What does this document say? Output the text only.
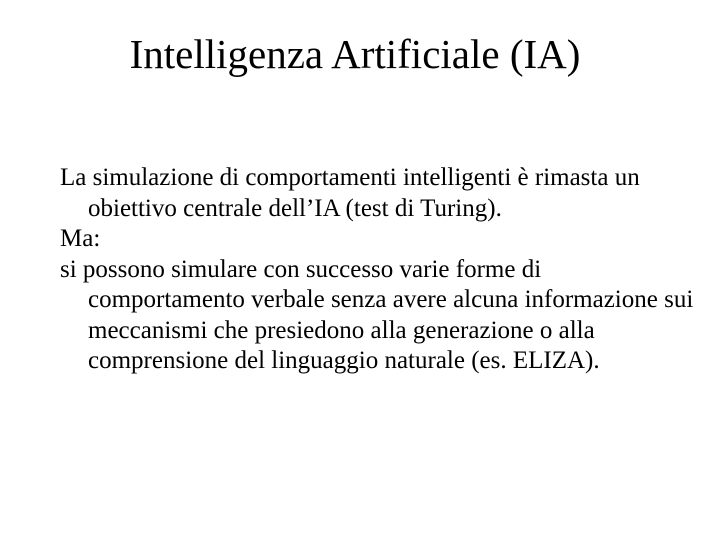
Intelligenza Artificiale (IA)

La simulazione di comportamenti intelligenti è rimasta un obiettivo centrale dell’IA (test di Turing).

Ma:

si possono simulare con successo varie forme di comportamento verbale senza avere alcuna informazione sui meccanismi che presiedono alla generazione o alla comprensione del linguaggio naturale (es. ELIZA).
